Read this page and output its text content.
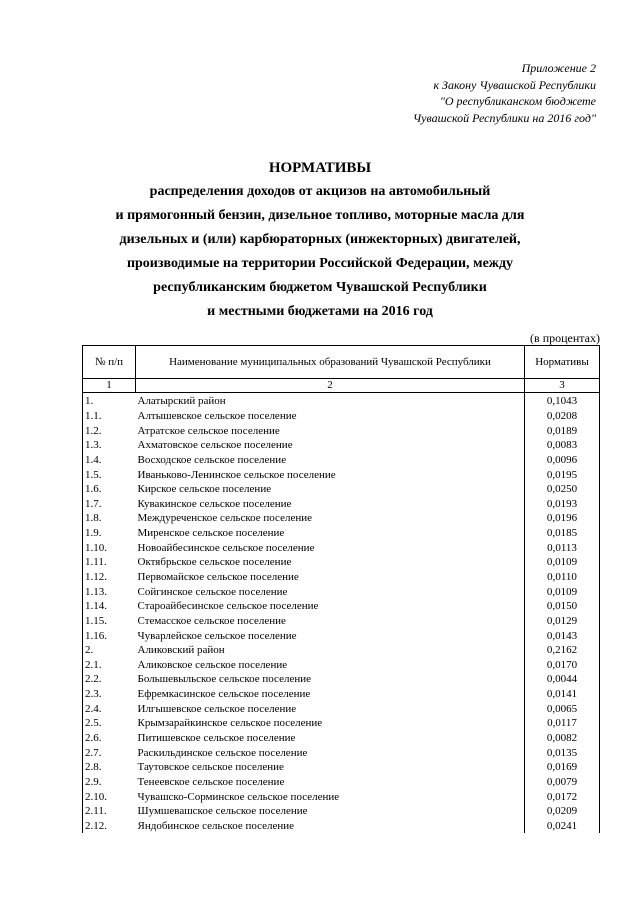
Приложение 2
к Закону Чувашской Республики
"О республиканском бюджете
Чувашской Республики на 2016 год"
НОРМАТИВЫ
распределения доходов от акцизов на автомобильный
и прямогонный бензин, дизельное топливо, моторные масла для
дизельных и (или) карбюраторных (инжекторных) двигателей,
производимые на территории Российской Федерации, между
республиканским бюджетом Чувашской Республики
и местными бюджетами на 2016 год
(в процентах)
№ п/п	Наименование муниципальных образований Чувашской Республики	Нормативы
1	2	3
1.	Алатырский район	0,1043
1.1.	Алтышевское сельское поселение	0,0208
1.2.	Атратское сельское поселение	0,0189
1.3.	Ахматовское сельское поселение	0,0083
1.4.	Восходское сельское поселение	0,0096
1.5.	Иваньково-Ленинское сельское поселение	0,0195
1.6.	Кирское сельское поселение	0,0250
1.7.	Кувакинское сельское поселение	0,0193
1.8.	Междуреченское сельское поселение	0,0196
1.9.	Миренское сельское поселение	0,0185
1.10.	Новоайбесинское сельское поселение	0,0113
1.11.	Октябрьское сельское поселение	0,0109
1.12.	Первомайское сельское поселение	0,0110
1.13.	Сойгинское сельское поселение	0,0109
1.14.	Староайбесинское сельское поселение	0,0150
1.15.	Стемасское сельское поселение	0,0129
1.16.	Чуварлейское сельское поселение	0,0143
2.	Аликовский район	0,2162
2.1.	Аликовское сельское поселение	0,0170
2.2.	Большевыльское сельское поселение	0,0044
2.3.	Ефремкасинское сельское поселение	0,0141
2.4.	Илгышевское сельское поселение	0,0065
2.5.	Крымзарайкинское сельское поселение	0,0117
2.6.	Питишевское сельское поселение	0,0082
2.7.	Раскильдинское сельское поселение	0,0135
2.8.	Таутовское сельское поселение	0,0169
2.9.	Тенеевское сельское поселение	0,0079
2.10.	Чувашско-Сорминское сельское поселение	0,0172
2.11.	Шумшевашское сельское поселение	0,0209
2.12.	Яндобинское сельское поселение	0,0241
